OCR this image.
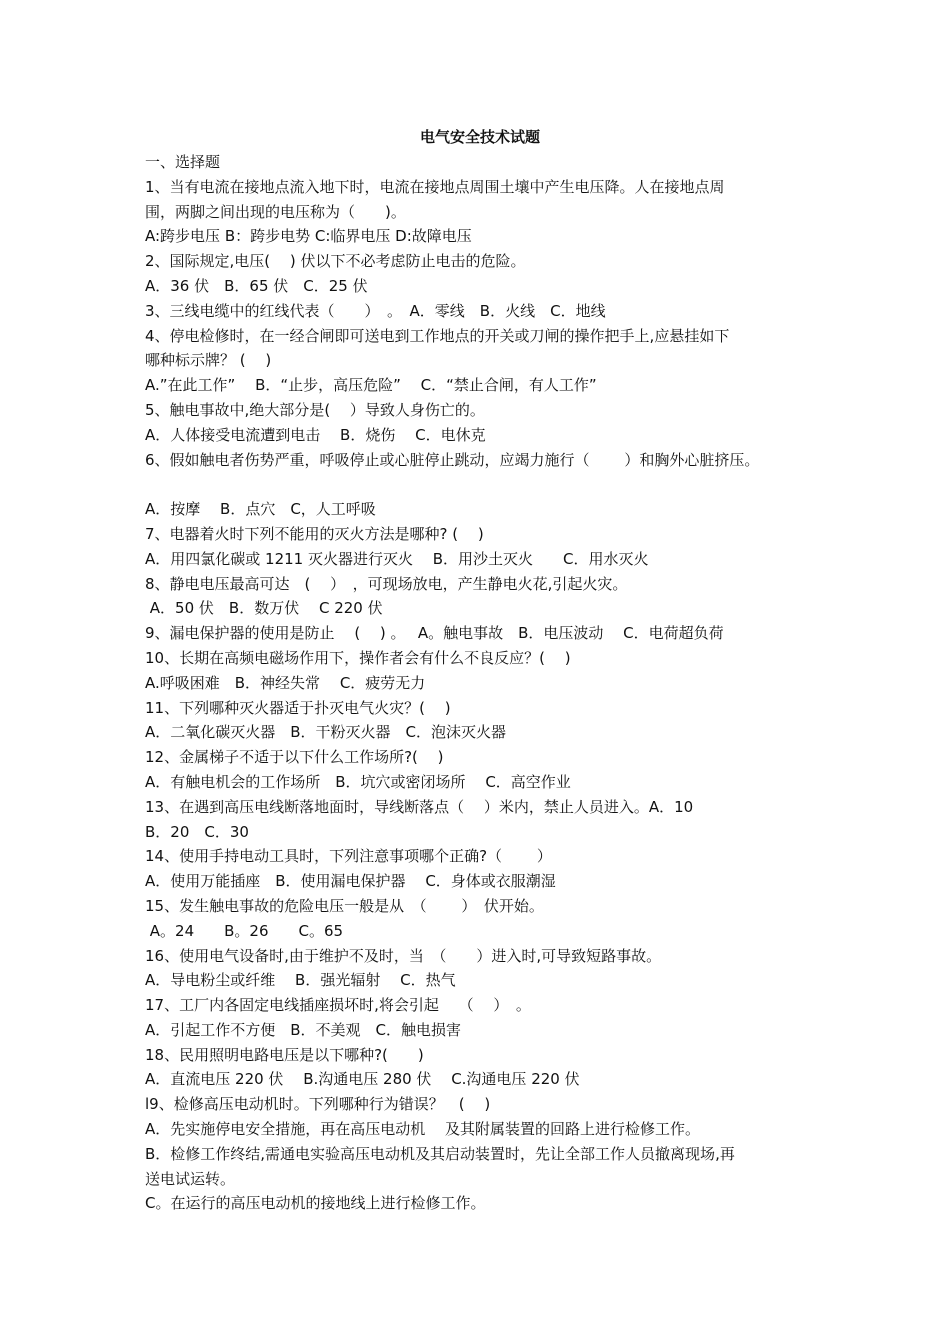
电气安全技术试题
一、选择题
1、当有电流在接地点流入地下时，电流在接地点周围土壤中产生电压降。人在接地点周
围，两脚之间出现的电压称为（　　)。
A:跨步电压 B：跨步电势 C:临界电压 D:故障电压
2、国际规定,电压(　 ) 伏以下不必考虑防止电击的危险。
A．36 伏　B．65 伏　C．25 伏
3、三线电缆中的红线代表（　　）　。　A．零线　B．火线　C．地线
4、停电检修时，在一经合闸即可送电到工作地点的开关或刀闸的操作把手上,应悬挂如下
哪种标示牌？ (　 )
A.”在此工作”　 B．“止步，高压危险”　 C．“禁止合闸，有人工作”
5、触电事故中,绝大部分是(　 ）导致人身伤亡的。
A．人体接受电流遭到电击　 B．烧伤　 C．电休克
6、假如触电者伤势严重，呼吸停止或心脏停止跳动，应竭力施行（　　 ）和胸外心脏挤压。
A．按摩　 B．点穴　C，人工呼吸
7、电器着火时下列不能用的灭火方法是哪种? (　 )
A．用四氯化碳或 1211 灭火器进行灭火　 B．用沙土灭火　　C．用水灭火
8、静电电压最高可达　(　 ）　，可现场放电，产生静电火花,引起火灾。
A．50 伏　B．数万伏　 C 220 伏
9、漏电保护器的使用是防止　 (　 ) 。　 A。触电事故　B．电压波动　 C．电荷超负荷
10、长期在高频电磁场作用下，操作者会有什么不良反应？(　 )
A.呼吸困难　B．神经失常　 C．疲劳无力
11、下列哪种灭火器适于扑灭电气火灾？(　 )
A．二氧化碳灭火器　B．干粉灭火器　C．泡沫灭火器
12、金属梯子不适于以下什么工作场所?(　 )
A．有触电机会的工作场所　B．坑穴或密闭场所　 C．高空作业
13、在遇到高压电线断落地面时，导线断落点（　 ）米内，禁止人员进入。A．10
B．20　C．30
14、使用手持电动工具时，下列注意事项哪个正确?（　　 ）
A．使用万能插座　B．使用漏电保护器　 C．身体或衣服潮湿
15、发生触电事故的危险电压一般是从　（　　 ）　伏开始。
A。24　　B。26　　C。65
16、使用电气设备时,由于维护不及时，当　（　　）进入时,可导致短路事故。
A．导电粉尘或纤维　 B．强光辐射　 C．热气
17、工厂内各固定电线插座损坏时,将会引起　 （　 ）　。
A．引起工作不方便　B．不美观　C．触电损害
18、民用照明电路电压是以下哪种?(　　)
A．直流电压 220 伏　 B.沟通电压 280 伏　 C.沟通电压 220 伏
l9、检修高压电动机时。下列哪种行为错误？　(　 )
A．先实施停电安全措施，再在高压电动机　 及其附属装置的回路上进行检修工作。
B．检修工作终结,需通电实验高压电动机及其启动装置时，先让全部工作人员撤离现场,再
送电试运转。
C。在运行的高压电动机的接地线上进行检修工作。
